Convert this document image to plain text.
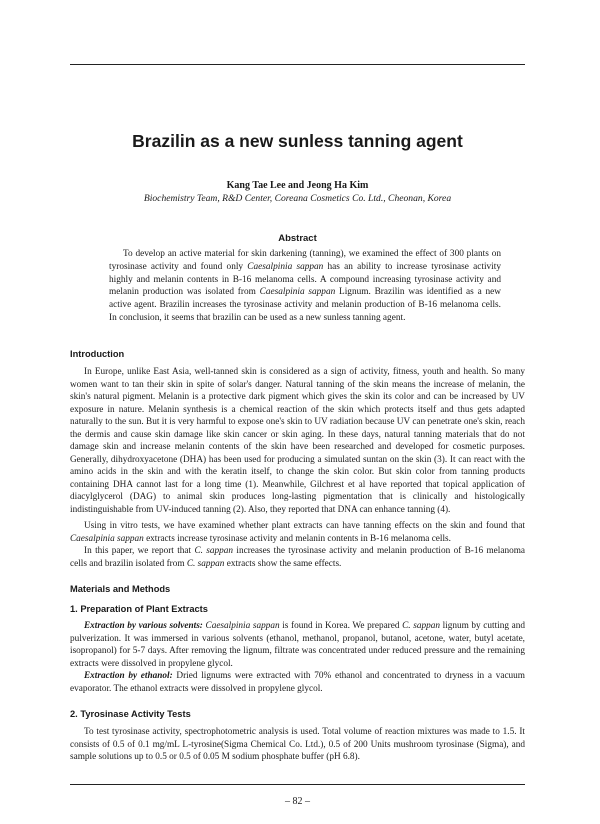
Brazilin as a new sunless tanning agent

Kang Tae Lee and Jeong Ha Kim

Biochemistry Team, R&D Center, Coreana Cosmetics Co. Ltd., Cheonan, Korea

Abstract

To develop an active material for skin darkening (tanning), we examined the effect of 300 plants on tyrosinase activity and found only Caesalpinia sappan has an ability to increase tyrosinase activity highly and melanin contents in B-16 melanoma cells. A compound increasing tyrosinase activity and melanin production was isolated from Caesalpinia sappan Lignum. Brazilin was identified as a new active agent. Brazilin increases the tyrosinase activity and melanin production of B-16 melanoma cells. In conclusion, it seems that brazilin can be used as a new sunless tanning agent.

Introduction

In Europe, unlike East Asia, well-tanned skin is considered as a sign of activity, fitness, youth and health. So many women want to tan their skin in spite of solar's danger. Natural tanning of the skin means the increase of melanin, the skin's natural pigment. Melanin is a protective dark pigment which gives the skin its color and can be increased by UV exposure in nature. Melanin synthesis is a chemical reaction of the skin which protects itself and thus gets adapted naturally to the sun. But it is very harmful to expose one's skin to UV radiation because UV can penetrate one's skin, reach the dermis and cause skin damage like skin cancer or skin aging. In these days, natural tanning materials that do not damage skin and increase melanin contents of the skin have been researched and developed for cosmetic purposes. Generally, dihydroxyacetone (DHA) has been used for producing a simulated suntan on the skin (3). It can react with the amino acids in the skin and with the keratin itself, to change the skin color. But skin color from tanning products containing DHA cannot last for a long time (1). Meanwhile, Gilchrest et al have reported that topical application of diacylglycerol (DAG) to animal skin produces long-lasting pigmentation that is clinically and histologically indistinguishable from UV-induced tanning (2). Also, they reported that DNA can enhance tanning (4).

Using in vitro tests, we have examined whether plant extracts can have tanning effects on the skin and found that Caesalpinia sappan extracts increase tyrosinase activity and melanin contents in B-16 melanoma cells.

In this paper, we report that C. sappan increases the tyrosinase activity and melanin production of B-16 melanoma cells and brazilin isolated from C. sappan extracts show the same effects.

Materials and Methods
1. Preparation of Plant Extracts

Extraction by various solvents: Caesalpinia sappan is found in Korea. We prepared C. sappan lignum by cutting and pulverization. It was immersed in various solvents (ethanol, methanol, propanol, butanol, acetone, water, butyl acetate, isopropanol) for 5-7 days. After removing the lignum, filtrate was concentrated under reduced pressure and the remaining extracts were dissolved in propylene glycol.

Extraction by ethanol: Dried lignums were extracted with 70% ethanol and concentrated to dryness in a vacuum evaporator. The ethanol extracts were dissolved in propylene glycol.

2. Tyrosinase Activity Tests

To test tyrosinase activity, spectrophotometric analysis is used. Total volume of reaction mixtures was made to 1.5. It consists of 0.5 of 0.1 mg/mL L-tyrosine(Sigma Chemical Co. Ltd.), 0.5 of 200 Units mushroom tyrosinase (Sigma), and sample solutions up to 0.5 or 0.5 of 0.05 M sodium phosphate buffer (pH 6.8).

– 82 –
